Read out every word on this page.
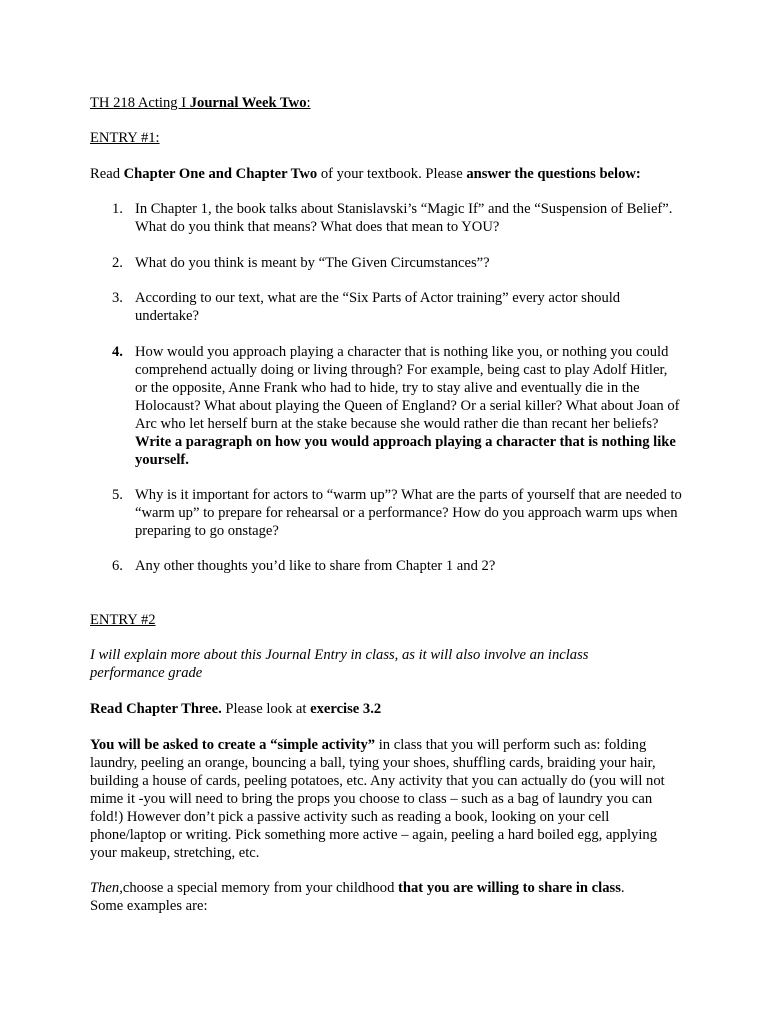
TH 218 Acting I Journal Week Two:

ENTRY #1:

Read Chapter One and Chapter Two of your textbook. Please answer the questions below:

1. In Chapter 1, the book talks about Stanislavski’s “Magic If” and the “Suspension of Belief”. What do you think that means? What does that mean to YOU?
2. What do you think is meant by “The Given Circumstances”?
3. According to our text, what are the “Six Parts of Actor training” every actor should undertake?
4. How would you approach playing a character that is nothing like you, or nothing you could comprehend actually doing or living through? For example, being cast to play Adolf Hitler, or the opposite, Anne Frank who had to hide, try to stay alive and eventually die in the Holocaust? What about playing the Queen of England? Or a serial killer? What about Joan of Arc who let herself burn at the stake because she would rather die than recant her beliefs? Write a paragraph on how you would approach playing a character that is nothing like yourself.
5. Why is it important for actors to “warm up”? What are the parts of yourself that are needed to “warm up” to prepare for rehearsal or a performance? How do you approach warm ups when preparing to go onstage?
6. Any other thoughts you’d like to share from Chapter 1 and 2?

ENTRY #2

I will explain more about this Journal Entry in class, as it will also involve an inclass performance grade

Read Chapter Three. Please look at exercise 3.2

You will be asked to create a “simple activity” in class that you will perform such as: folding laundry, peeling an orange, bouncing a ball, tying your shoes, shuffling cards, braiding your hair, building a house of cards, peeling potatoes, etc. Any activity that you can actually do (you will not mime it -you will need to bring the props you choose to class – such as a bag of laundry you can fold!) However don’t pick a passive activity such as reading a book, looking on your cell phone/laptop or writing. Pick something more active – again, peeling a hard boiled egg, applying your makeup, stretching, etc.

Then,choose a special memory from your childhood that you are willing to share in class.
Some examples are:
